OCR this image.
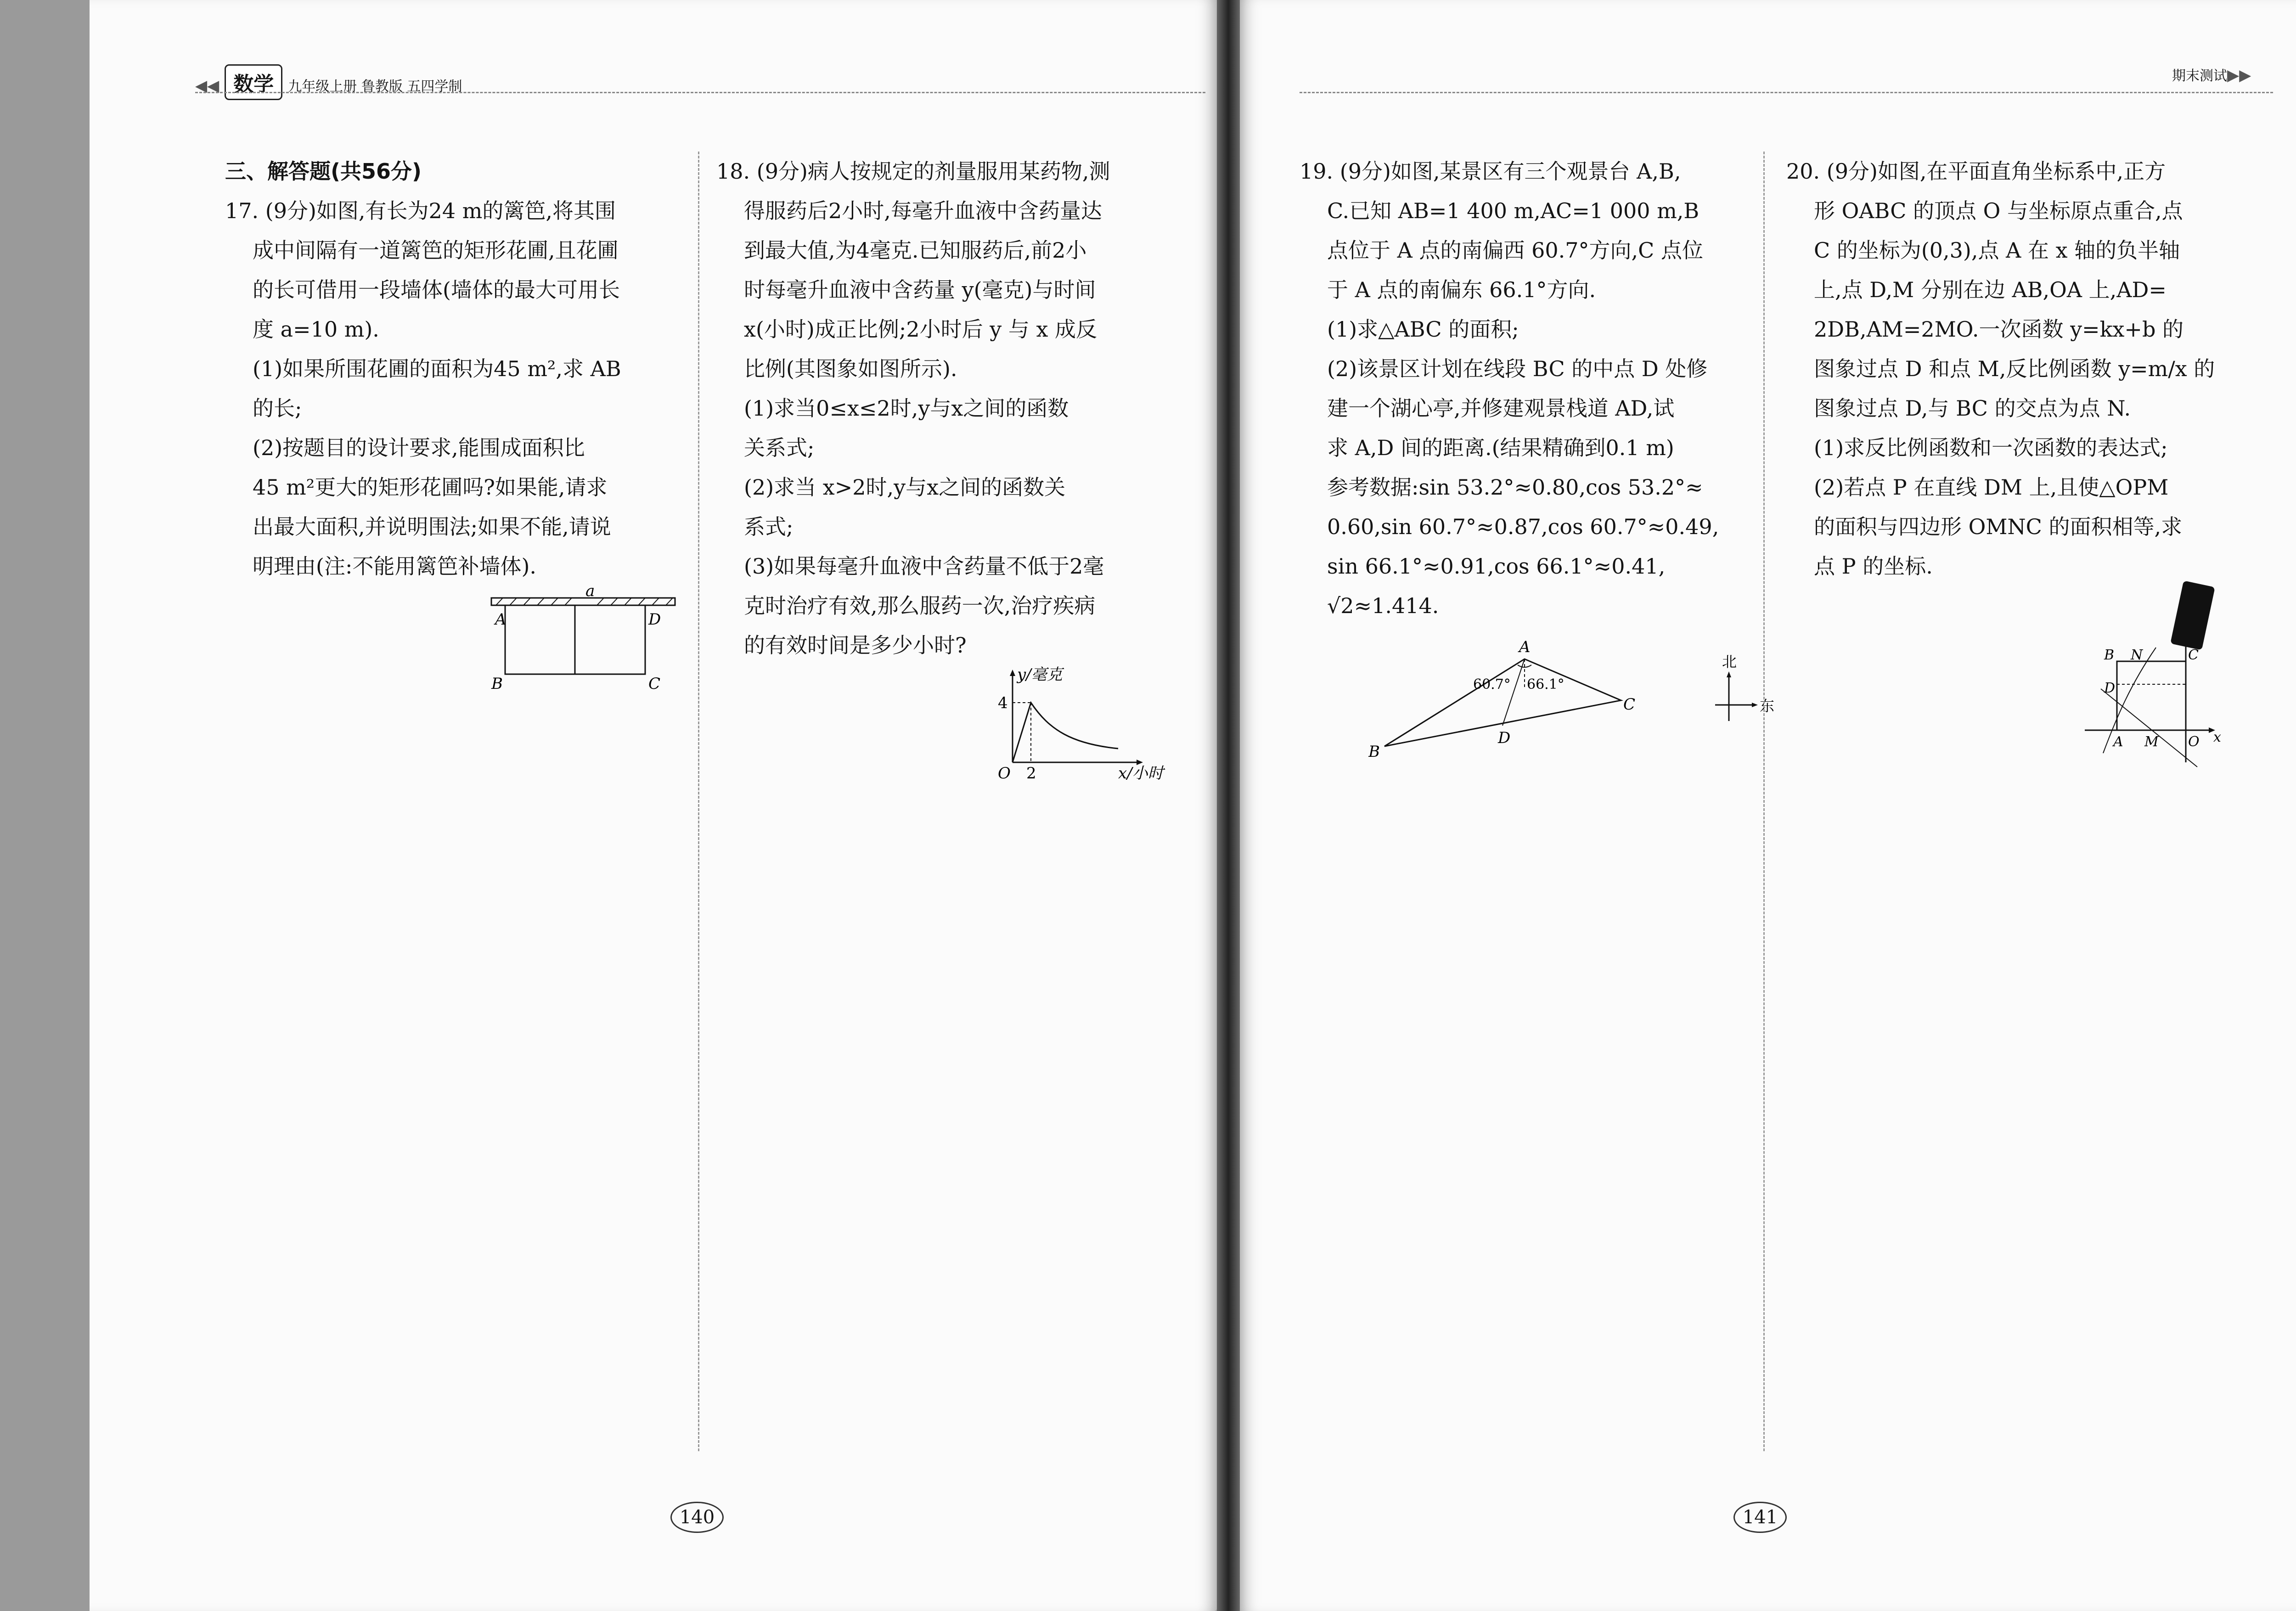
◀◀ 数学 九年级上册 鲁教版 五四学制

三、解答题(共56分)

17. (9分)如图,有长为24 m的篱笆,将其围

成中间隔有一道篱笆的矩形花圃,且花圃

的长可借用一段墙体(墙体的最大可用长

度 a=10 m).

(1)如果所围花圃的面积为45 m²,求 AB

的长;

(2)按题目的设计要求,能围成面积比

45 m²更大的矩形花圃吗?如果能,请求

出最大面积,并说明围法;如果不能,请说

明理由(注:不能用篱笆补墙体).

a
A
B	C
D

18. (9分)病人按规定的剂量服用某药物,测

得服药后2小时,每毫升血液中含药量达

到最大值,为4毫克.已知服药后,前2小

时每毫升血液中含药量 y(毫克)与时间

x(小时)成正比例;2小时后 y 与 x 成反

比例(其图象如图所示).

(1)求当0≤x≤2时,y与x之间的函数

关系式;

(2)求当 x>2时,y与x之间的函数关

系式;

(3)如果每毫升血液中含药量不低于2毫

克时治疗有效,那么服药一次,治疗疾病

的有效时间是多少小时?

y/毫克
4
2
O	x/小时
140
期末测试▶▶

19. (9分)如图,某景区有三个观景台 A,B,

C.已知 AB=1 400 m,AC=1 000 m,B

点位于 A 点的南偏西 60.7°方向,C 点位

于 A 点的南偏东 66.1°方向.

(1)求△ABC 的面积;

(2)该景区计划在线段 BC 的中点 D 处修

建一个湖心亭,并修建观景栈道 AD,试

求 A,D 间的距离.(结果精确到0.1 m)

参考数据:sin 53.2°≈0.80,cos 53.2°≈

0.60,sin 60.7°≈0.87,cos 60.7°≈0.49,

sin 66.1°≈0.91,cos 66.1°≈0.41,

√2≈1.414.

A
B
C
D
60.7° 66.1°
北
东

20. (9分)如图,在平面直角坐标系中,正方

形 OABC 的顶点 O 与坐标原点重合,点

C 的坐标为(0,3),点 A 在 x 轴的负半轴

上,点 D,M 分别在边 AB,OA 上,AD=

2DB,AM=2MO.一次函数 y=kx+b 的

图象过点 D 和点 M,反比例函数 y=m/x 的

图象过点 D,与 BC 的交点为点 N.

(1)求反比例函数和一次函数的表达式;

(2)若点 P 在直线 DM 上,且使△OPM

的面积与四边形 OMNC 的面积相等,求

点 P 的坐标.

B N	C
D
A M O x
141
